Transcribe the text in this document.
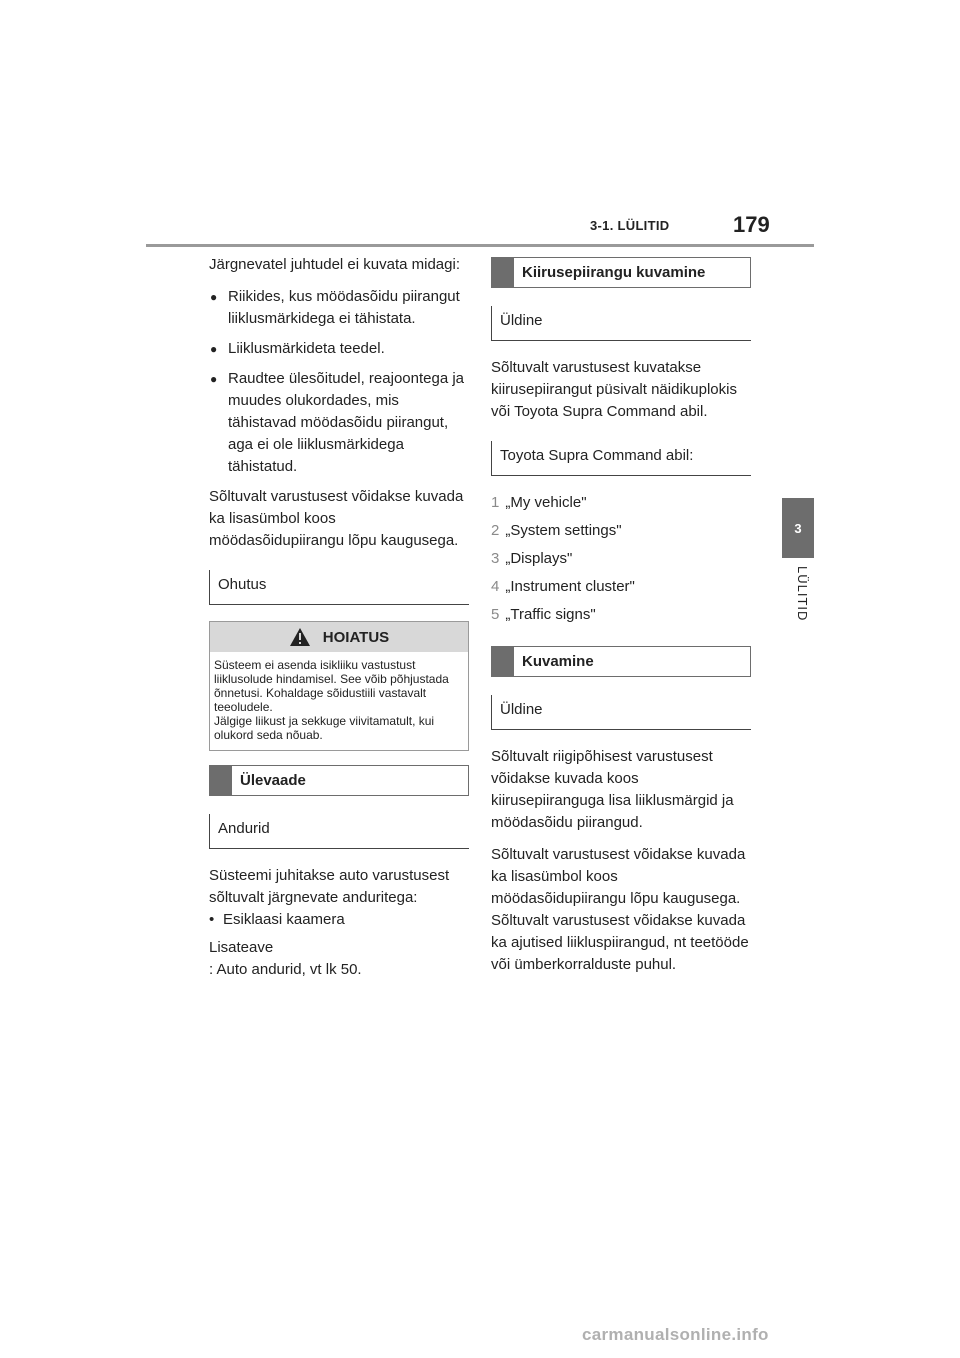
3-1. LÜLITID	179
3
LÜLITID

Järgnevatel juhtudel ei kuvata midagi:

● Riikides, kus möödasõidu piirangut liiklusmärkidega ei tähistata.
● Liiklusmärkideta teedel.
● Raudtee ülesõitudel, reajoontega ja muudes olukordades, mis tähistavad möödasõidu piirangut, aga ei ole liiklusmärkidega tähistatud.

Sõltuvalt varustusest võidakse kuvada ka lisasümbol koos möödasõidupiirangu lõpu kaugusega.

Ohutus
HOIATUS
Süsteem ei asenda isikliiku vastustust liiklusolude hindamisel. See võib põhjustada õnnetusi. Kohaldage sõidustiili vastavalt teeoludele.
Jälgige liikust ja sekkuge viivitamatult, kui olukord seda nõuab.
Ülevaade
Andurid

Süsteemi juhitakse auto varustusest sõltuvalt järgnevate anduritega:

• Esiklaasi kaamera

Lisateave

: Auto andurid, vt lk 50.

Kiirusepiirangu kuvamine
Üldine

Sõltuvalt varustusest kuvatakse kiirusepiirangut püsivalt näidikuplokis või Toyota Supra Command abil.

Toyota Supra Command abil:
1 „My vehicle"
2 „System settings"
3 „Displays"
4 „Instrument cluster"
5 „Traffic signs"
Kuvamine
Üldine

Sõltuvalt riigipõhisest varustusest võidakse kuvada koos kiirusepiiranguga lisa liiklusmärgid ja möödasõidu piirangud.

Sõltuvalt varustusest võidakse kuvada ka lisasümbol koos möödasõidupiirangu lõpu kaugusega. Sõltuvalt varustusest võidakse kuvada ka ajutised liikluspiirangud, nt teetööde või ümberkorralduste puhul.

carmanualsonline.info
